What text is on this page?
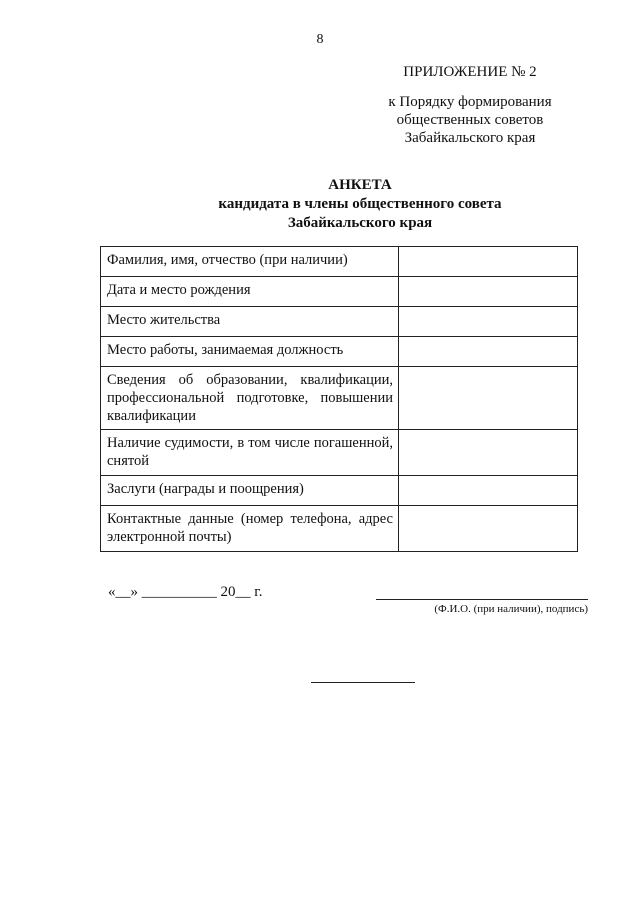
8
ПРИЛОЖЕНИЕ № 2
к Порядку формирования
общественных советов
Забайкальского края
АНКЕТА
кандидата в члены общественного совета
Забайкальского края
Фамилия, имя, отчество (при наличии)	
Дата и место рождения	
Место жительства	
Место работы, занимаемая должность	
Сведения об образовании, квалификации, профессиональной подготовке, повышении квалификации	
Наличие судимости, в том числе погашенной, снятой	
Заслуги (награды и поощрения)	
Контактные данные (номер телефона, адрес электронной почты)	
«__» __________ 20__ г.
(Ф.И.О. (при наличии), подпись)
